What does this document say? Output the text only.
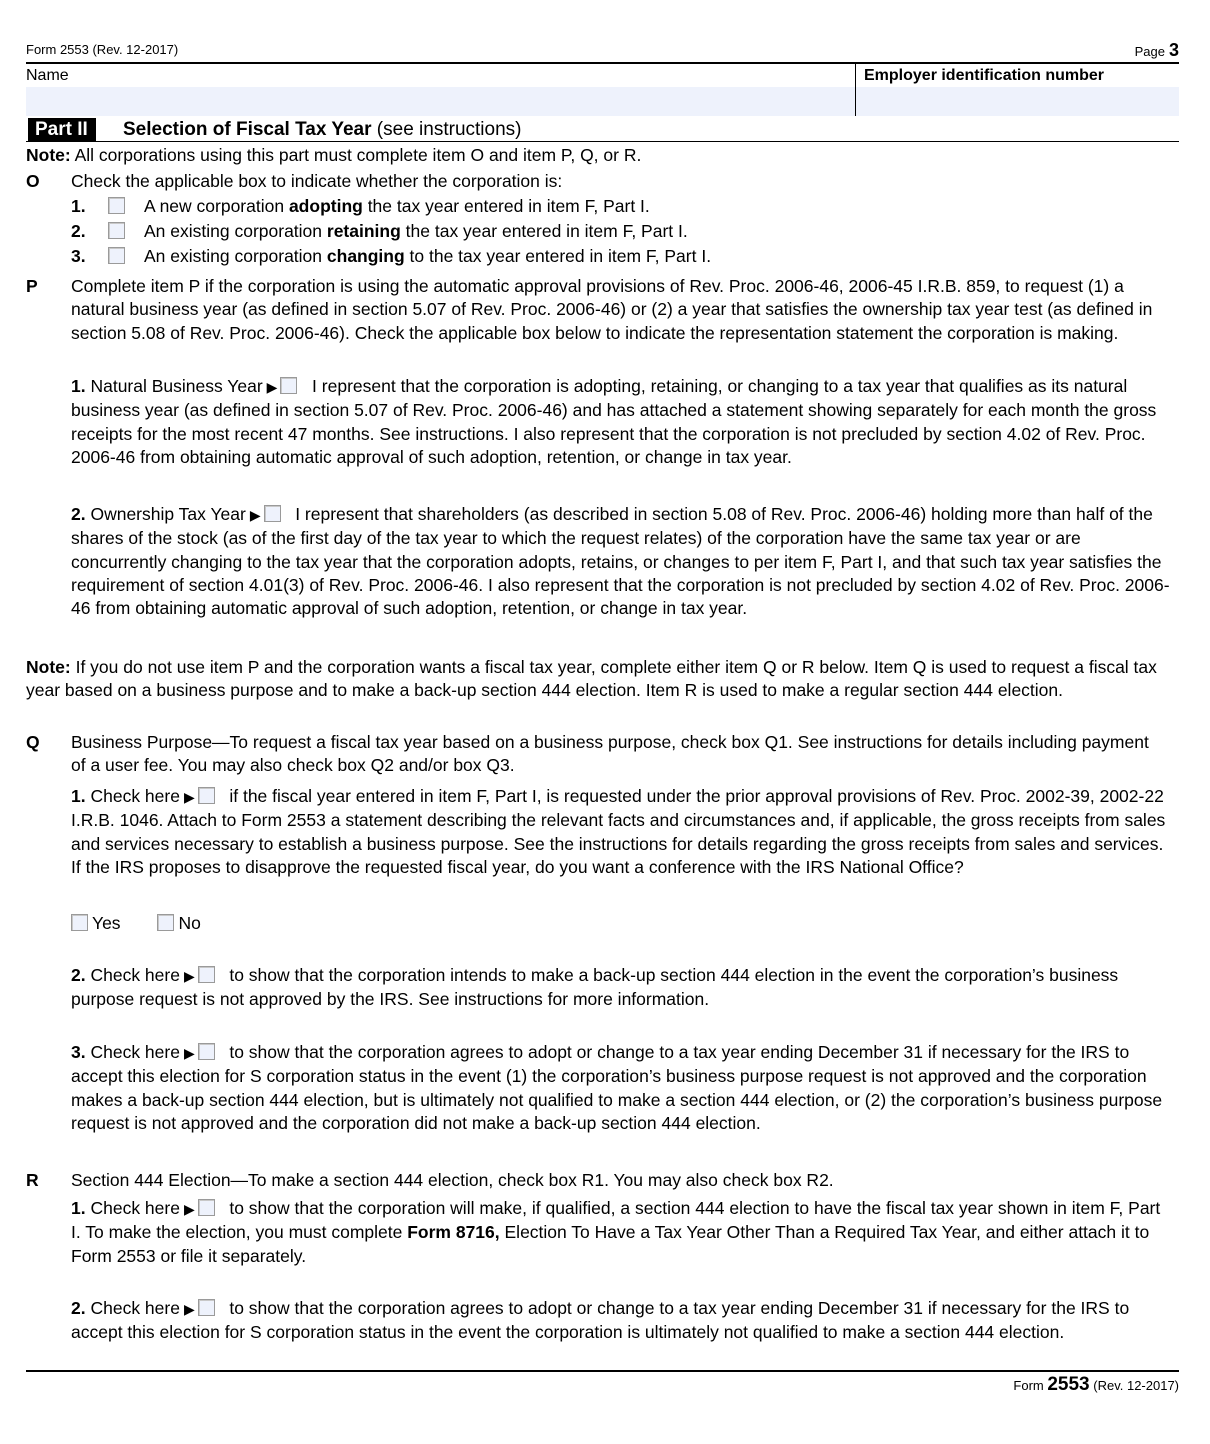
Form 2553 (Rev. 12-2017)	Page 3
Name	Employer identification number
Part II	Selection of Fiscal Tax Year (see instructions)
Note: All corporations using this part must complete item O and item P, Q, or R.
O Check the applicable box to indicate whether the corporation is:
1.	A new corporation adopting the tax year entered in item F, Part I.
2.	An existing corporation retaining the tax year entered in item F, Part I.
3.	An existing corporation changing to the tax year entered in item F, Part I.
P Complete item P if the corporation is using the automatic approval provisions of Rev. Proc. 2006-46, 2006-45 I.R.B. 859, to request (1) a natural business year (as defined in section 5.07 of Rev. Proc. 2006-46) or (2) a year that satisfies the ownership tax year test (as defined in section 5.08 of Rev. Proc. 2006-46). Check the applicable box below to indicate the representation statement the corporation is making.
1. Natural Business Year ▶ I represent that the corporation is adopting, retaining, or changing to a tax year that qualifies as its natural business year (as defined in section 5.07 of Rev. Proc. 2006-46) and has attached a statement showing separately for each month the gross receipts for the most recent 47 months. See instructions. I also represent that the corporation is not precluded by section 4.02 of Rev. Proc. 2006-46 from obtaining automatic approval of such adoption, retention, or change in tax year.
2. Ownership Tax Year ▶ I represent that shareholders (as described in section 5.08 of Rev. Proc. 2006-46) holding more than half of the shares of the stock (as of the first day of the tax year to which the request relates) of the corporation have the same tax year or are concurrently changing to the tax year that the corporation adopts, retains, or changes to per item F, Part I, and that such tax year satisfies the requirement of section 4.01(3) of Rev. Proc. 2006-46. I also represent that the corporation is not precluded by section 4.02 of Rev. Proc. 2006-46 from obtaining automatic approval of such adoption, retention, or change in tax year.
Note: If you do not use item P and the corporation wants a fiscal tax year, complete either item Q or R below. Item Q is used to request a fiscal tax year based on a business purpose and to make a back-up section 444 election. Item R is used to make a regular section 444 election.
Q Business Purpose—To request a fiscal tax year based on a business purpose, check box Q1. See instructions for details including payment of a user fee. You may also check box Q2 and/or box Q3.
1. Check here ▶ if the fiscal year entered in item F, Part I, is requested under the prior approval provisions of Rev. Proc. 2002-39, 2002-22 I.R.B. 1046. Attach to Form 2553 a statement describing the relevant facts and circumstances and, if applicable, the gross receipts from sales and services necessary to establish a business purpose. See the instructions for details regarding the gross receipts from sales and services. If the IRS proposes to disapprove the requested fiscal year, do you want a conference with the IRS National Office?
Yes	No
2. Check here ▶ to show that the corporation intends to make a back-up section 444 election in the event the corporation’s business purpose request is not approved by the IRS. See instructions for more information.
3. Check here ▶ to show that the corporation agrees to adopt or change to a tax year ending December 31 if necessary for the IRS to accept this election for S corporation status in the event (1) the corporation’s business purpose request is not approved and the corporation makes a back-up section 444 election, but is ultimately not qualified to make a section 444 election, or (2) the corporation’s business purpose request is not approved and the corporation did not make a back-up section 444 election.
R Section 444 Election—To make a section 444 election, check box R1. You may also check box R2.
1. Check here ▶ to show that the corporation will make, if qualified, a section 444 election to have the fiscal tax year shown in item F, Part I. To make the election, you must complete Form 8716, Election To Have a Tax Year Other Than a Required Tax Year, and either attach it to Form 2553 or file it separately.
2. Check here ▶ to show that the corporation agrees to adopt or change to a tax year ending December 31 if necessary for the IRS to accept this election for S corporation status in the event the corporation is ultimately not qualified to make a section 444 election.
Form 2553 (Rev. 12-2017)
